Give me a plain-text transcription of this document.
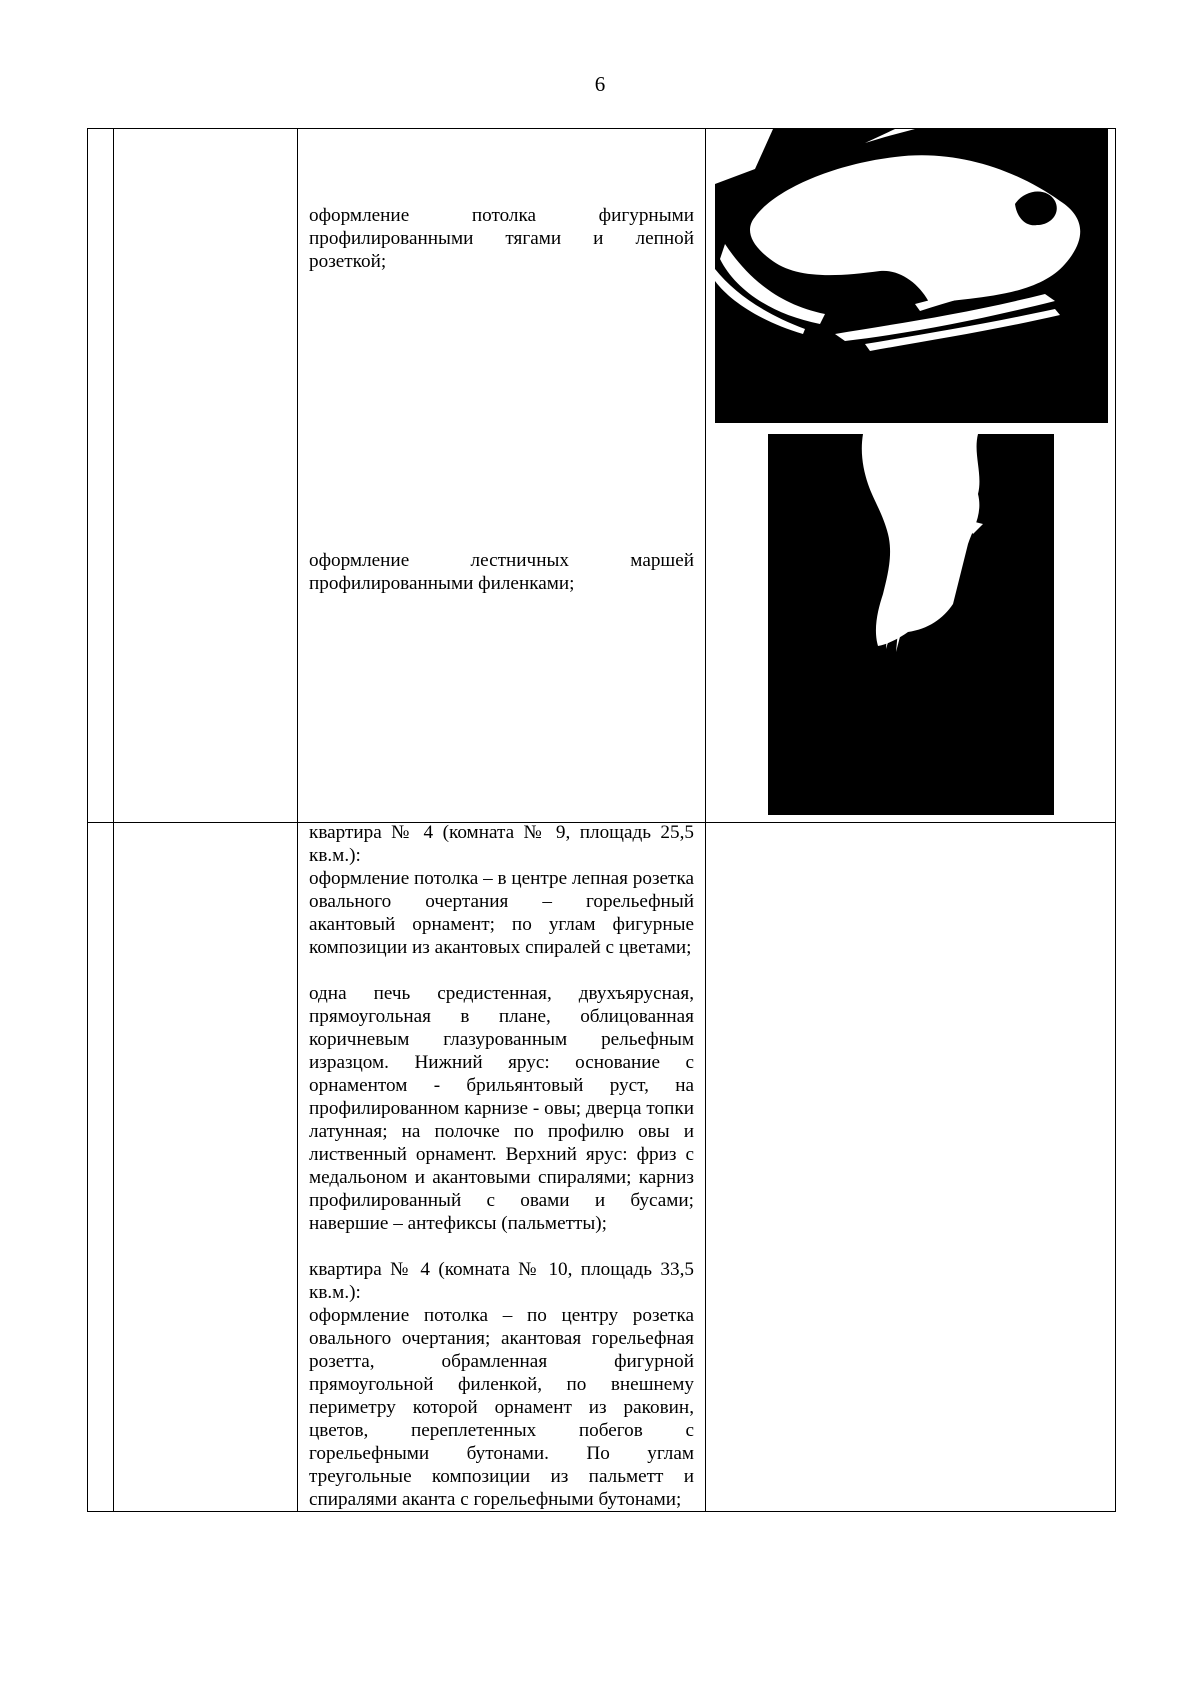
6

		оформление потолка фигурными профилированными тягами и лепной розеткой;

оформление лестничных маршей профилированными филенками;

		квартира № 4 (комната № 9, площадь 25,5 кв.м.):

оформление потолка – в центре лепная розетка овального очертания – горельефный акантовый орнамент; по углам фигурные композиции из акантовых спиралей с цветами;

одна печь средистенная, двухъярусная, прямоугольная в плане, облицованная коричневым глазурованным рельефным изразцом. Нижний ярус: основание с орнаментом - брильянтовый руст, на профилированном карнизе - овы; дверца топки латунная; на полочке по профилю овы и лиственный орнамент. Верхний ярус: фриз с медальоном и акантовыми спиралями; карниз профилированный с овами и бусами; навершие – антефиксы (пальметты);

квартира № 4 (комната № 10, площадь 33,5 кв.м.):

оформление потолка – по центру розетка овального очертания; акантовая горельефная розетта, обрамленная фигурной прямоугольной филенкой, по внешнему периметру которой орнамент из раковин, цветов, переплетенных побегов с горельефными бутонами. По углам треугольные композиции из пальметт и спиралями аканта с горельефными бутонами;	
